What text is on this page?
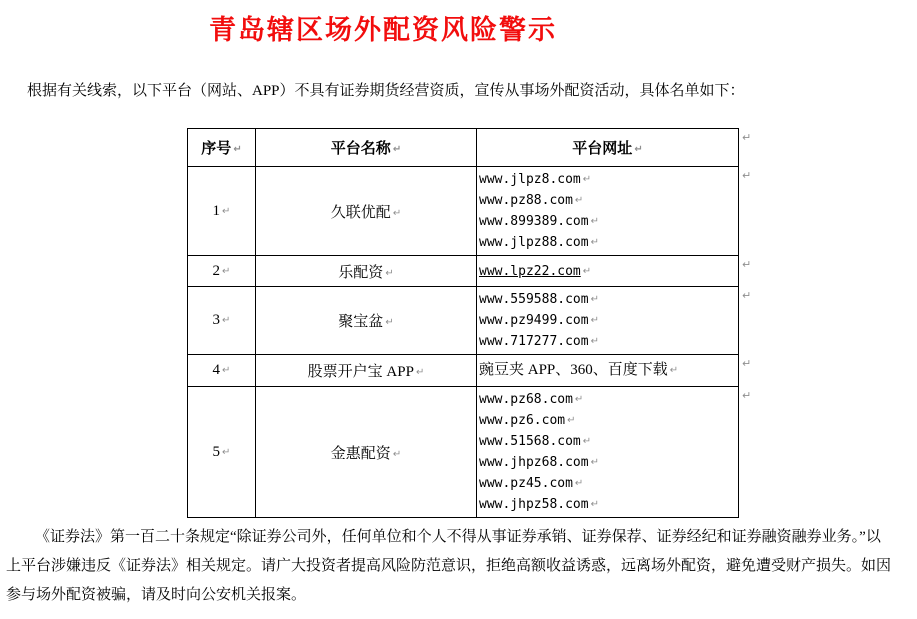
青岛辖区场外配资风险警示

根据有关线索，以下平台（网站、APP）不具有证券期货经营资质，宣传从事场外配资活动，具体名单如下：

序号 ↵	平台名称 ↵	平台网址 ↵
1 ↵	久联优配 ↵	www.jlpz8.com ↵
www.pz88.com ↵
www.899389.com ↵
www.jlpz88.com ↵

2 ↵	乐配资 ↵	www.lpz22.com ↵

3 ↵	聚宝盆 ↵	www.559588.com ↵
www.pz9499.com ↵
www.717277.com ↵

4 ↵	股票开户宝 APP ↵	豌豆夹 APP、360、百度下载 ↵

5 ↵	金惠配资 ↵	
www.pz68.com ↵
www.pz6.com ↵
www.51568.com ↵
www.jhpz68.com ↵
www.pz45.com ↵
www.jhpz58.com ↵
↵
↵
↵
↵
↵
↵

《证券法》第一百二十条规定“除证券公司外，任何单位和个人不得从事证券承销、证券保荐、证券经纪和证券融资融券业务。”以上平台涉嫌违反《证券法》相关规定。请广大投资者提高风险防范意识，拒绝高额收益诱惑，远离场外配资，避免遭受财产损失。如因参与场外配资被骗，请及时向公安机关报案。
